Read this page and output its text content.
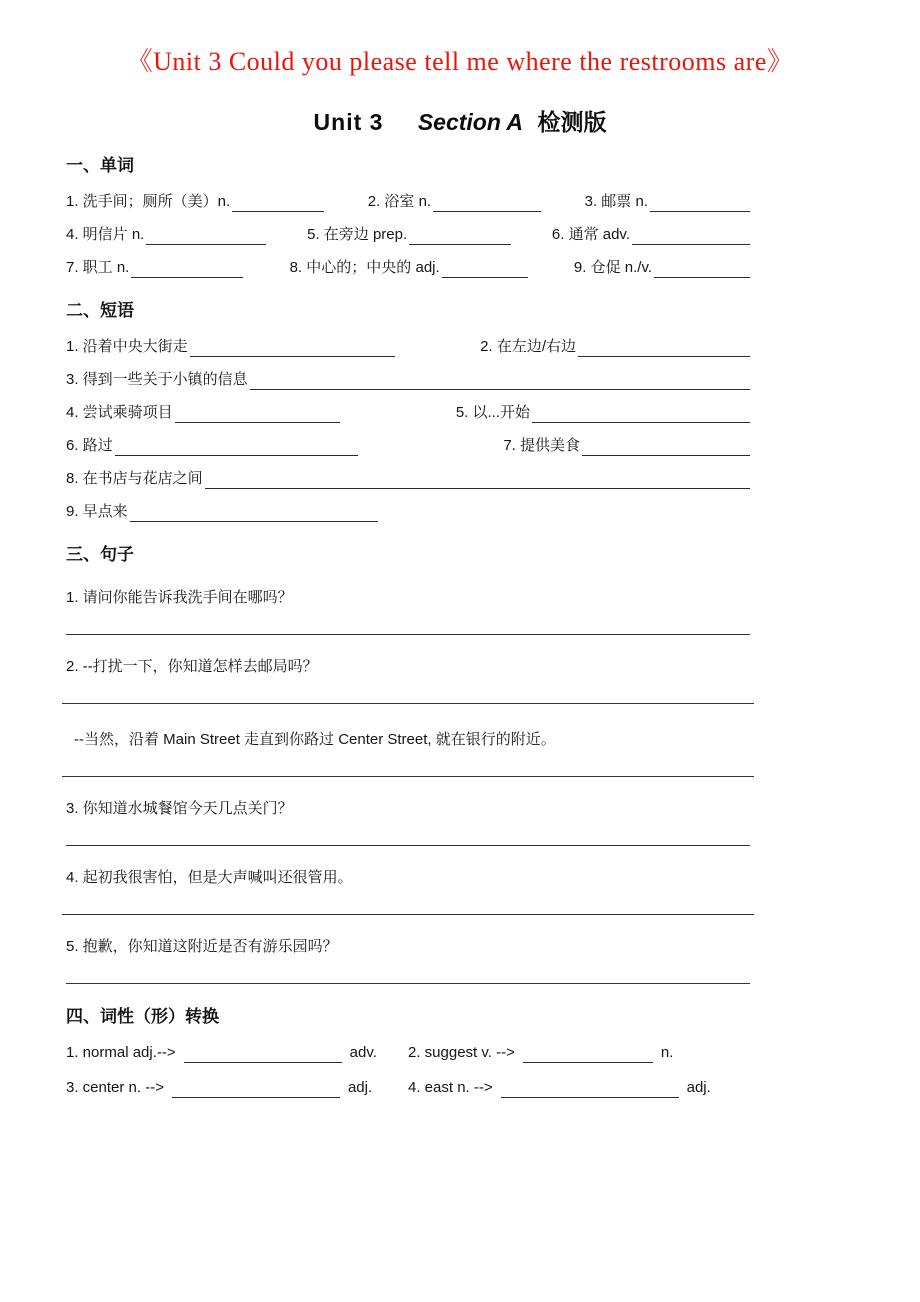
《Unit 3 Could you please tell me where the restrooms are》
Unit 3 Section A 检测版
一、单词
1. 洗手间；厕所（美）n.	2. 浴室 n.	3. 邮票 n.
4. 明信片 n.	5. 在旁边 prep.	6. 通常 adv.
7. 职工 n.	8. 中心的；中央的 adj.	9. 仓促 n./v.
二、短语
1. 沿着中央大街走	2. 在左边/右边
3. 得到一些关于小镇的信息
4. 尝试乘骑项目	5. 以...开始
6. 路过	7. 提供美食
8. 在书店与花店之间
9. 早点来
三、句子

1. 请问你能告诉我洗手间在哪吗？

2. --打扰一下，你知道怎样去邮局吗？

--当然，沿着 Main Street 走直到你路过 Center Street, 就在银行的附近。

3. 你知道水城餐馆今天几点关门？

4. 起初我很害怕，但是大声喊叫还很管用。

5. 抱歉，你知道这附近是否有游乐园吗？

四、词性（形）转换
1. normal adj.-->	adv. 2. suggest v. -->	n.
3. center n. -->	adj. 4. east n. -->	adj.
